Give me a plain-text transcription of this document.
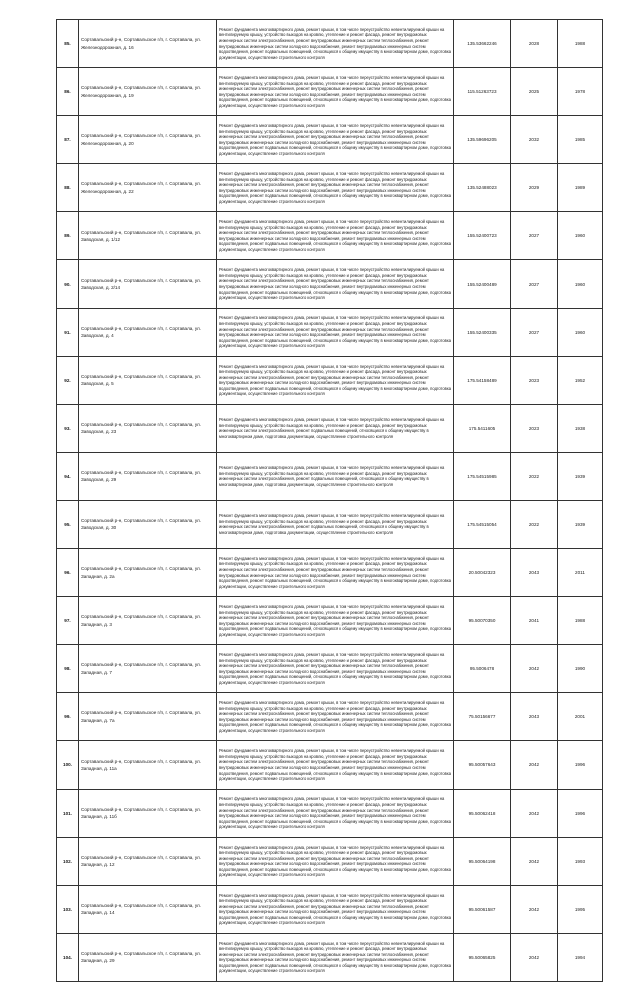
85.	Сортавальский р-н, Сортавальское г/п, г. Сортавала, ул. Железнодорожная, д. 16	Ремонт фундамента многоквартирного дома, ремонт крыши, в том числе переустройство невентилируемой крыши на вентилируемую крышу, устройство выходов на кровлю, утепление и ремонт фасада, ремонт внутридомовых инженерных систем электроснабжения, ремонт внутридомовых инженерных систем теплоснабжения, ремонт внутридомовых инженерных систем холодного водоснабжения, ремонт внутридомовых инженерных систем водоотведения, ремонт подвальных помещений, относящихся к общему имуществу в многоквартирном доме, подготовка документации, осуществление строительного контроля	135.53662246	2028	1988
86.	Сортавальский р-н, Сортавальское г/п, г. Сортавала, ул. Железнодорожная, д. 19	Ремонт фундамента многоквартирного дома, ремонт крыши, в том числе переустройство невентилируемой крыши на вентилируемую крышу, устройство выходов на кровлю, утепление и ремонт фасада, ремонт внутридомовых инженерных систем электроснабжения, ремонт внутридомовых инженерных систем теплоснабжения, ремонт внутридомовых инженерных систем холодного водоснабжения, ремонт внутридомовых инженерных систем водоотведения, ремонт подвальных помещений, относящихся к общему имуществу в многоквартирном доме, подготовка документации, осуществление строительного контроля	115.51263723	2025	1978
87.	Сортавальский р-н, Сортавальское г/п, г. Сортавала, ул. Железнодорожная, д. 20	Ремонт фундамента многоквартирного дома, ремонт крыши, в том числе переустройство невентилируемой крыши на вентилируемую крышу, устройство выходов на кровлю, утепление и ремонт фасада, ремонт внутридомовых инженерных систем электроснабжения, ремонт внутридомовых инженерных систем теплоснабжения, ремонт внутридомовых инженерных систем холодного водоснабжения, ремонт внутридомовых инженерных систем водоотведения, ремонт подвальных помещений, относящихся к общему имуществу в многоквартирном доме, подготовка документации, осуществление строительного контроля	135.59696205	2032	1985
88.	Сортавальский р-н, Сортавальское г/п, г. Сортавала, ул. Железнодорожная, д. 22	Ремонт фундамента многоквартирного дома, ремонт крыши, в том числе переустройство невентилируемой крыши на вентилируемую крышу, устройство выходов на кровлю, утепление и ремонт фасада, ремонт внутридомовых инженерных систем электроснабжения, ремонт внутридомовых инженерных систем теплоснабжения, ремонт внутридомовых инженерных систем холодного водоснабжения, ремонт внутридомовых инженерных систем водоотведения, ремонт подвальных помещений, относящихся к общему имуществу в многоквартирном доме, подготовка документации, осуществление строительного контроля	135.52488023	2029	1989
89.	Сортавальский р-н, Сортавальское г/п, г. Сортавала, ул. Заводская, д. 1/12	Ремонт фундамента многоквартирного дома, ремонт крыши, в том числе переустройство невентилируемой крыши на вентилируемую крышу, устройство выходов на кровлю, утепление и ремонт фасада, ремонт внутридомовых инженерных систем электроснабжения, ремонт внутридомовых инженерных систем теплоснабжения, ремонт внутридомовых инженерных систем холодного водоснабжения, ремонт внутридомовых инженерных систем водоотведения, ремонт подвальных помещений, относящихся к общему имуществу в многоквартирном доме, подготовка документации, осуществление строительного контроля	155.52400723	2027	1960
90.	Сортавальский р-н, Сортавальское г/п, г. Сортавала, ул. Заводская, д. 2/14	Ремонт фундамента многоквартирного дома, ремонт крыши, в том числе переустройство невентилируемой крыши на вентилируемую крышу, устройство выходов на кровлю, утепление и ремонт фасада, ремонт внутридомовых инженерных систем электроснабжения, ремонт внутридомовых инженерных систем теплоснабжения, ремонт внутридомовых инженерных систем холодного водоснабжения, ремонт внутридомовых инженерных систем водоотведения, ремонт подвальных помещений, относящихся к общему имуществу в многоквартирном доме, подготовка документации, осуществление строительного контроля	155.52400489	2027	1960
91.	Сортавальский р-н, Сортавальское г/п, г. Сортавала, ул. Заводская, д. 4	Ремонт фундамента многоквартирного дома, ремонт крыши, в том числе переустройство невентилируемой крыши на вентилируемую крышу, устройство выходов на кровлю, утепление и ремонт фасада, ремонт внутридомовых инженерных систем электроснабжения, ремонт внутридомовых инженерных систем теплоснабжения, ремонт внутридомовых инженерных систем холодного водоснабжения, ремонт внутридомовых инженерных систем водоотведения, ремонт подвальных помещений, относящихся к общему имуществу в многоквартирном доме, подготовка документации, осуществление строительного контроля	155.52400335	2027	1960
92.	Сортавальский р-н, Сортавальское г/п, г. Сортавала, ул. Заводская, д. 5	Ремонт фундамента многоквартирного дома, ремонт крыши, в том числе переустройство невентилируемой крыши на вентилируемую крышу, устройство выходов на кровлю, утепление и ремонт фасада, ремонт внутридомовых инженерных систем электроснабжения, ремонт внутридомовых инженерных систем теплоснабжения, ремонт внутридомовых инженерных систем холодного водоснабжения, ремонт внутридомовых инженерных систем водоотведения, ремонт подвальных помещений, относящихся к общему имуществу в многоквартирном доме, подготовка документации, осуществление строительного контроля	175.54158489	2023	1952
93.	Сортавальский р-н, Сортавальское г/п, г. Сортавала, ул. Заводская, д. 23	Ремонт фундамента многоквартирного дома, ремонт крыши, в том числе переустройство невентилируемой крыши на вентилируемую крышу, устройство выходов на кровлю, утепление и ремонт фасада, ремонт внутридомовых инженерных систем электроснабжения, ремонт подвальных помещений, относящихся к общему имуществу в многоквартирном доме, подготовка документации, осуществление строительного контроля	175.5411605	2023	1938
94.	Сортавальский р-н, Сортавальское г/п, г. Сортавала, ул. Заводская, д. 29	Ремонт фундамента многоквартирного дома, ремонт крыши, в том числе переустройство невентилируемой крыши на вентилируемую крышу, устройство выходов на кровлю, утепление и ремонт фасада, ремонт внутридомовых инженерных систем электроснабжения, ремонт подвальных помещений, относящихся к общему имуществу в многоквартирном доме, подготовка документации, осуществление строительного контроля	175.54515985	2022	1939
95.	Сортавальский р-н, Сортавальское г/п, г. Сортавала, ул. Заводская, д. 30	Ремонт фундамента многоквартирного дома, ремонт крыши, в том числе переустройство невентилируемой крыши на вентилируемую крышу, устройство выходов на кровлю, утепление и ремонт фасада, ремонт внутридомовых инженерных систем электроснабжения, ремонт подвальных помещений, относящихся к общему имуществу в многоквартирном доме, подготовка документации, осуществление строительного контроля	175.54515054	2022	1939
96.	Сортавальский р-н, Сортавальское г/п, г. Сортавала, ул. Западная, д. 2а	Ремонт фундамента многоквартирного дома, ремонт крыши, в том числе переустройство невентилируемой крыши на вентилируемую крышу, устройство выходов на кровлю, утепление и ремонт фасада, ремонт внутридомовых инженерных систем электроснабжения, ремонт внутридомовых инженерных систем теплоснабжения, ремонт внутридомовых инженерных систем холодного водоснабжения, ремонт внутридомовых инженерных систем водоотведения, ремонт подвальных помещений, относящихся к общему имуществу в многоквартирном доме, подготовка документации, осуществление строительного контроля	20.50042323	2043	2011
97.	Сортавальский р-н, Сортавальское г/п, г. Сортавала, ул. Западная, д. 3	Ремонт фундамента многоквартирного дома, ремонт крыши, в том числе переустройство невентилируемой крыши на вентилируемую крышу, устройство выходов на кровлю, утепление и ремонт фасада, ремонт внутридомовых инженерных систем электроснабжения, ремонт внутридомовых инженерных систем теплоснабжения, ремонт внутридомовых инженерных систем холодного водоснабжения, ремонт внутридомовых инженерных систем водоотведения, ремонт подвальных помещений, относящихся к общему имуществу в многоквартирном доме, подготовка документации, осуществление строительного контроля	95.50070350	2041	1988
98.	Сортавальский р-н, Сортавальское г/п, г. Сортавала, ул. Западная, д. 7	Ремонт фундамента многоквартирного дома, ремонт крыши, в том числе переустройство невентилируемой крыши на вентилируемую крышу, устройство выходов на кровлю, утепление и ремонт фасада, ремонт внутридомовых инженерных систем электроснабжения, ремонт внутридомовых инженерных систем теплоснабжения, ремонт внутридомовых инженерных систем холодного водоснабжения, ремонт внутридомовых инженерных систем водоотведения, ремонт подвальных помещений, относящихся к общему имуществу в многоквартирном доме, подготовка документации, осуществление строительного контроля	95.5006478	2042	1990
99.	Сортавальский р-н, Сортавальское г/п, г. Сортавала, ул. Западная, д. 7а	Ремонт фундамента многоквартирного дома, ремонт крыши, в том числе переустройство невентилируемой крыши на вентилируемую крышу, устройство выходов на кровлю, утепление и ремонт фасада, ремонт внутридомовых инженерных систем электроснабжения, ремонт внутридомовых инженерных систем теплоснабжения, ремонт внутридомовых инженерных систем холодного водоснабжения, ремонт внутридомовых инженерных систем водоотведения, ремонт подвальных помещений, относящихся к общему имуществу в многоквартирном доме, подготовка документации, осуществление строительного контроля	75.50156677	2043	2001
100.	Сортавальский р-н, Сортавальское г/п, г. Сортавала, ул. Западная, д. 11а	Ремонт фундамента многоквартирного дома, ремонт крыши, в том числе переустройство невентилируемой крыши на вентилируемую крышу, устройство выходов на кровлю, утепление и ремонт фасада, ремонт внутридомовых инженерных систем электроснабжения, ремонт внутридомовых инженерных систем теплоснабжения, ремонт внутридомовых инженерных систем холодного водоснабжения, ремонт внутридомовых инженерных систем водоотведения, ремонт подвальных помещений, относящихся к общему имуществу в многоквартирном доме, подготовка документации, осуществление строительного контроля	95.50057643	2042	1996
101.	Сортавальский р-н, Сортавальское г/п, г. Сортавала, ул. Западная, д. 11б	Ремонт фундамента многоквартирного дома, ремонт крыши, в том числе переустройство невентилируемой крыши на вентилируемую крышу, устройство выходов на кровлю, утепление и ремонт фасада, ремонт внутридомовых инженерных систем электроснабжения, ремонт внутридомовых инженерных систем теплоснабжения, ремонт внутридомовых инженерных систем холодного водоснабжения, ремонт внутридомовых инженерных систем водоотведения, ремонт подвальных помещений, относящихся к общему имуществу в многоквартирном доме, подготовка документации, осуществление строительного контроля	95.50062418	2042	1996
102.	Сортавальский р-н, Сортавальское г/п, г. Сортавала, ул. Западная, д. 12	Ремонт фундамента многоквартирного дома, ремонт крыши, в том числе переустройство невентилируемой крыши на вентилируемую крышу, устройство выходов на кровлю, утепление и ремонт фасада, ремонт внутридомовых инженерных систем электроснабжения, ремонт внутридомовых инженерных систем теплоснабжения, ремонт внутридомовых инженерных систем холодного водоснабжения, ремонт внутридомовых инженерных систем водоотведения, ремонт подвальных помещений, относящихся к общему имуществу в многоквартирном доме, подготовка документации, осуществление строительного контроля	95.50064198	2042	1993
103.	Сортавальский р-н, Сортавальское г/п, г. Сортавала, ул. Западная, д. 14	Ремонт фундамента многоквартирного дома, ремонт крыши, в том числе переустройство невентилируемой крыши на вентилируемую крышу, устройство выходов на кровлю, утепление и ремонт фасада, ремонт внутридомовых инженерных систем электроснабжения, ремонт внутридомовых инженерных систем теплоснабжения, ремонт внутридомовых инженерных систем холодного водоснабжения, ремонт внутридомовых инженерных систем водоотведения, ремонт подвальных помещений, относящихся к общему имуществу в многоквартирном доме, подготовка документации, осуществление строительного контроля	95.50061587	2042	1995
104.	Сортавальский р-н, Сортавальское г/п, г. Сортавала, ул. Западная, д. 29	Ремонт фундамента многоквартирного дома, ремонт крыши, в том числе переустройство невентилируемой крыши на вентилируемую крышу, устройство выходов на кровлю, утепление и ремонт фасада, ремонт внутридомовых инженерных систем электроснабжения, ремонт внутридомовых инженерных систем теплоснабжения, ремонт внутридомовых инженерных систем холодного водоснабжения, ремонт внутридомовых инженерных систем водоотведения, ремонт подвальных помещений, относящихся к общему имуществу в многоквартирном доме, подготовка документации, осуществление строительного контроля	95.50065825	2042	1994
